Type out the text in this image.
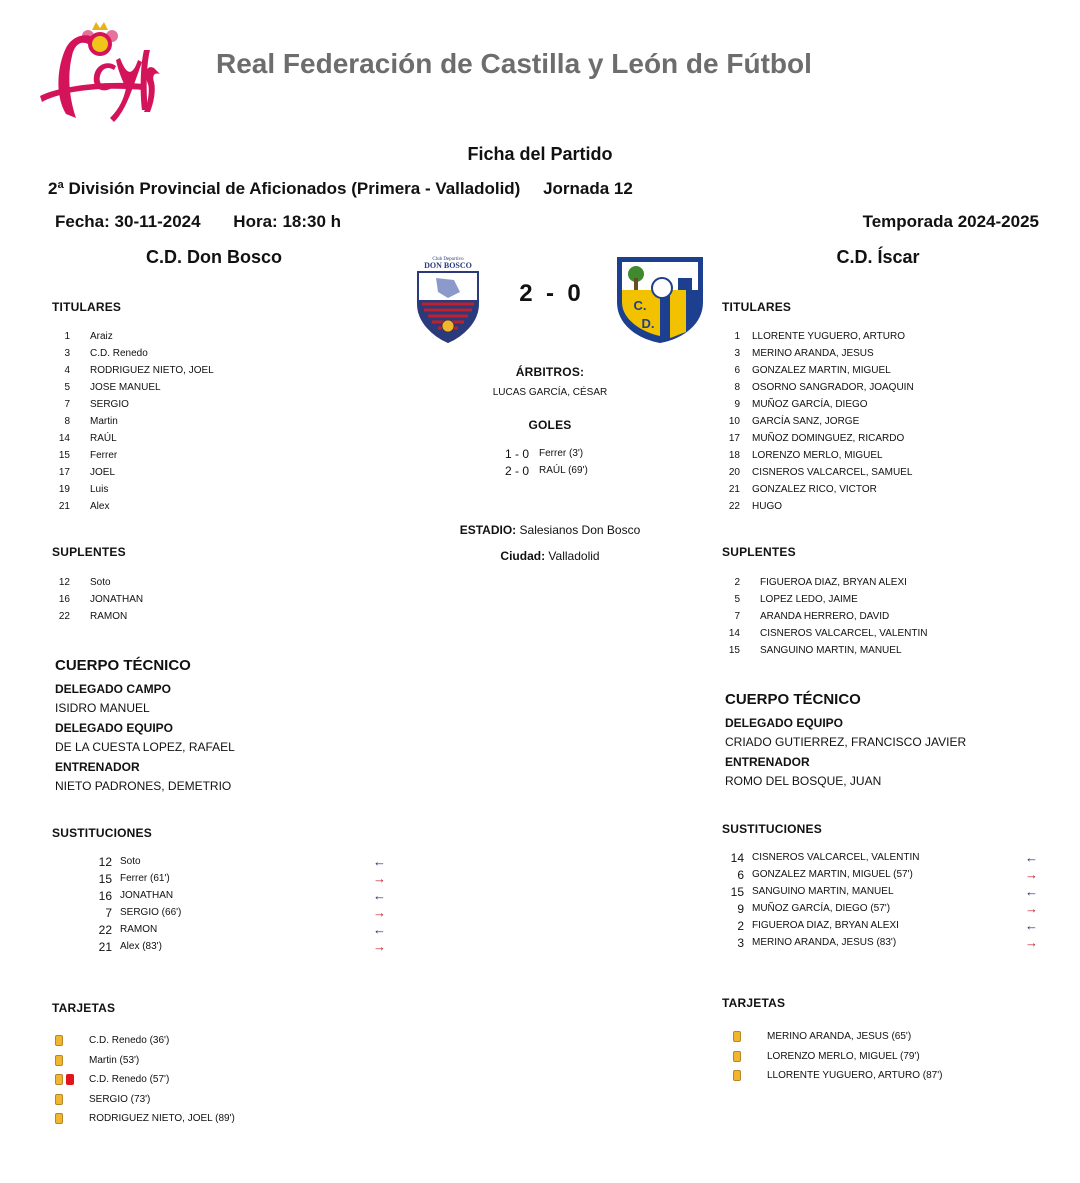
Real Federación de Castilla y León de Fútbol
Ficha del Partido
2ª División Provincial de Aficionados (Primera - Valladolid) Jornada 12
Fecha: 30-11-2024 Hora: 18:30 h	Temporada 2024-2025
C.D. Don Bosco	C.D. Íscar
Club Deportivo
DON BOSCO
2 - 0	C.
D.
ÁRBITROS:
LUCAS GARCÍA, CÉSAR
GOLES
1 - 0 Ferrer (3')
2 - 0 RAÚL (69')
ESTADIO: Salesianos Don Bosco
Ciudad: Valladolid
TITULARES
1 Araiz
3 C.D. Renedo
4 RODRIGUEZ NIETO, JOEL
5 JOSE MANUEL
7 SERGIO
8 Martin
14 RAÚL
15 Ferrer
17 JOEL
19 Luis
21 Alex
SUPLENTES
12 Soto
16 JONATHAN
22 RAMON
CUERPO TÉCNICO
DELEGADO CAMPO
ISIDRO MANUEL
DELEGADO EQUIPO
DE LA CUESTA LOPEZ, RAFAEL
ENTRENADOR
NIETO PADRONES, DEMETRIO
SUSTITUCIONES
12 Soto	←
15 Ferrer (61')	→
16 JONATHAN	←
7 SERGIO (66')	→
22 RAMON	←
21 Alex (83')	→
TARJETAS
C.D. Renedo (36')
Martin (53')
C.D. Renedo (57')
SERGIO (73')
RODRIGUEZ NIETO, JOEL (89')
TITULARES
1 LLORENTE YUGUERO, ARTURO
3 MERINO ARANDA, JESUS
6 GONZALEZ MARTIN, MIGUEL
8 OSORNO SANGRADOR, JOAQUIN
9 MUÑOZ GARCÍA, DIEGO
10 GARCÍA SANZ, JORGE
17 MUÑOZ DOMINGUEZ, RICARDO
18 LORENZO MERLO, MIGUEL
20 CISNEROS VALCARCEL, SAMUEL
21 GONZALEZ RICO, VICTOR
22 HUGO
SUPLENTES
2 FIGUEROA DIAZ, BRYAN ALEXI
5 LOPEZ LEDO, JAIME
7 ARANDA HERRERO, DAVID
14 CISNEROS VALCARCEL, VALENTIN
15 SANGUINO MARTIN, MANUEL
CUERPO TÉCNICO
DELEGADO EQUIPO
CRIADO GUTIERREZ, FRANCISCO JAVIER
ENTRENADOR
ROMO DEL BOSQUE, JUAN
SUSTITUCIONES
14 CISNEROS VALCARCEL, VALENTIN	←
6 GONZALEZ MARTIN, MIGUEL (57')	→
15 SANGUINO MARTIN, MANUEL	←
9 MUÑOZ GARCÍA, DIEGO (57')	→
2 FIGUEROA DIAZ, BRYAN ALEXI	←
3 MERINO ARANDA, JESUS (83')	→
TARJETAS
MERINO ARANDA, JESUS (65')
LORENZO MERLO, MIGUEL (79')
LLORENTE YUGUERO, ARTURO (87')
